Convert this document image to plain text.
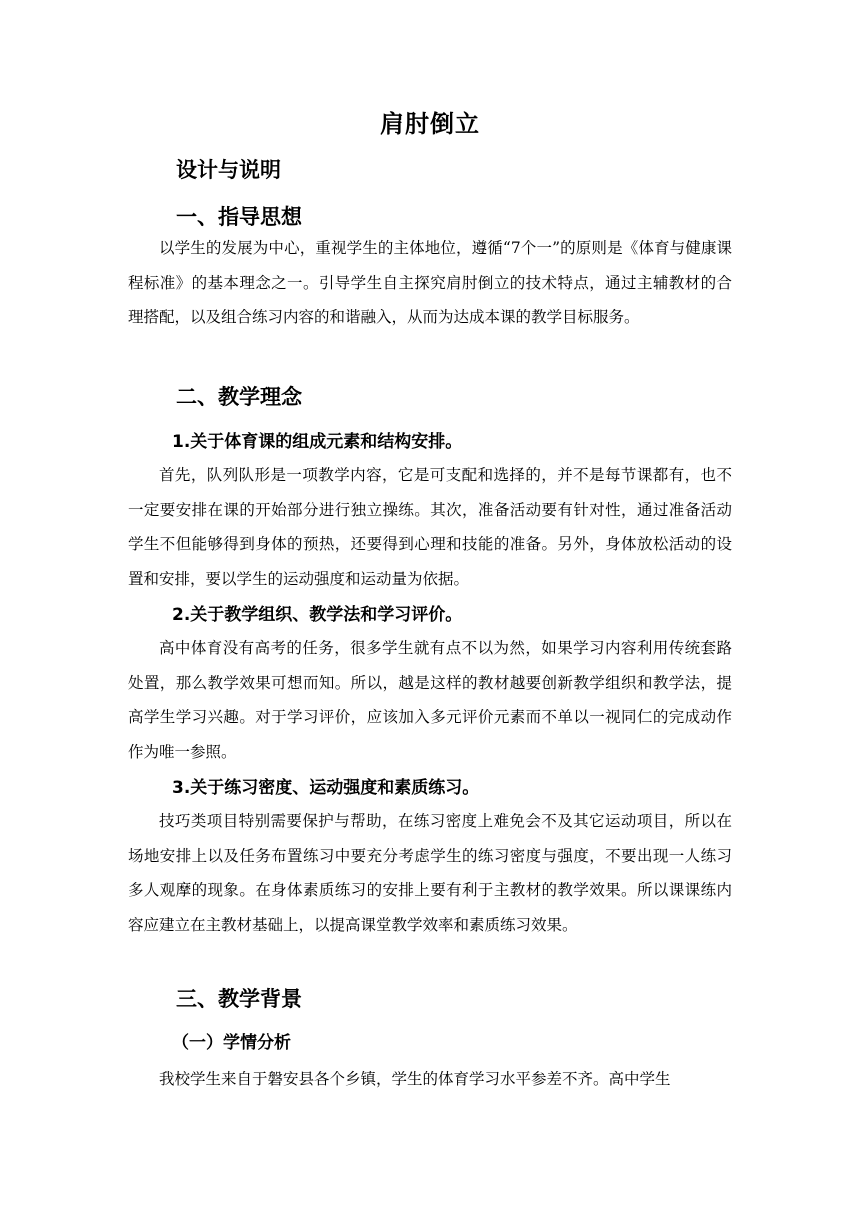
肩肘倒立
设计与说明
一、指导思想
以学生的发展为中心，重视学生的主体地位，遵循“7个一”的原则是《体育与健康课程标准》的基本理念之一。引导学生自主探究肩肘倒立的技术特点，通过主辅教材的合理搭配，以及组合练习内容的和谐融入，从而为达成本课的教学目标服务。
二、教学理念
1.关于体育课的组成元素和结构安排。
首先，队列队形是一项教学内容，它是可支配和选择的，并不是每节课都有，也不一定要安排在课的开始部分进行独立操练。其次，准备活动要有针对性，通过准备活动学生不但能够得到身体的预热，还要得到心理和技能的准备。另外，身体放松活动的设置和安排，要以学生的运动强度和运动量为依据。
2.关于教学组织、教学法和学习评价。
高中体育没有高考的任务，很多学生就有点不以为然，如果学习内容利用传统套路处置，那么教学效果可想而知。所以，越是这样的教材越要创新教学组织和教学法，提高学生学习兴趣。对于学习评价，应该加入多元评价元素而不单以一视同仁的完成动作作为唯一参照。
3.关于练习密度、运动强度和素质练习。
技巧类项目特别需要保护与帮助，在练习密度上难免会不及其它运动项目，所以在场地安排上以及任务布置练习中要充分考虑学生的练习密度与强度，不要出现一人练习多人观摩的现象。在身体素质练习的安排上要有利于主教材的教学效果。所以课课练内容应建立在主教材基础上，以提高课堂教学效率和素质练习效果。
三、教学背景
（一）学情分析
我校学生来自于磐安县各个乡镇，学生的体育学习水平参差不齐。高中学生
